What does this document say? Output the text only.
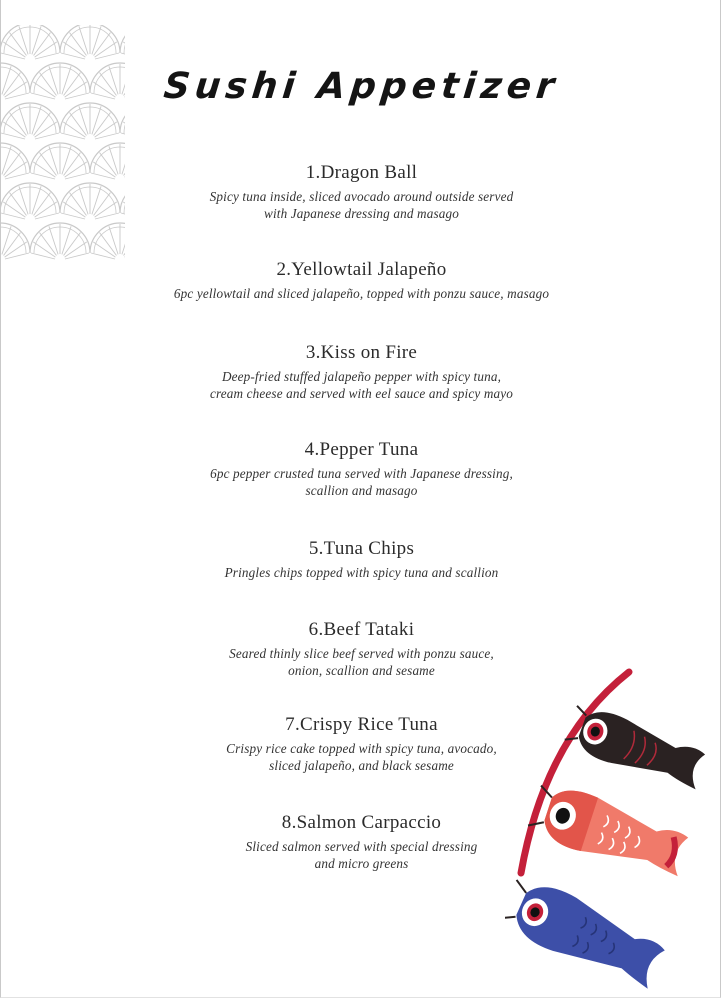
Sushi Appetizer
1.Dragon Ball
Spicy tuna inside, sliced avocado around outside served
with Japanese dressing and masago
2.Yellowtail Jalapeño
6pc yellowtail and sliced jalapeño, topped with ponzu sauce, masago
3.Kiss on Fire
Deep-fried stuffed jalapeño pepper with spicy tuna,
cream cheese and served with eel sauce and spicy mayo
4.Pepper Tuna
6pc pepper crusted tuna served with Japanese dressing,
scallion and masago
5.Tuna Chips
Pringles chips topped with spicy tuna and scallion
6.Beef Tataki
Seared thinly slice beef served with ponzu sauce,
onion, scallion and sesame
7.Crispy Rice Tuna
Crispy rice cake topped with spicy tuna, avocado,
sliced jalapeño, and black sesame
8.Salmon Carpaccio
Sliced salmon served with special dressing
and micro greens
